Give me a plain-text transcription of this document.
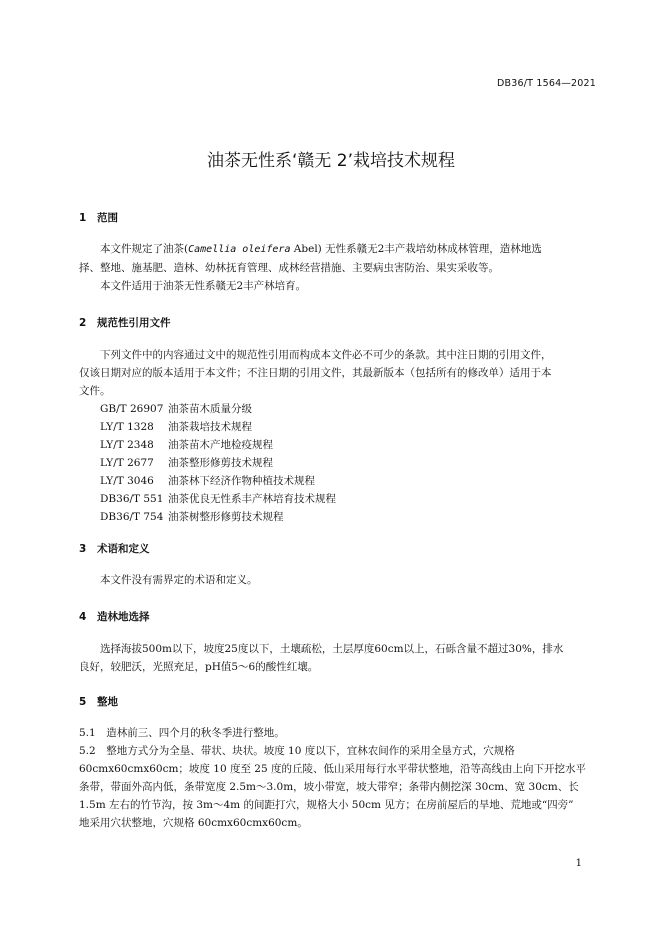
DB36/T 1564—2021
油茶无性系‘赣无 2’栽培技术规程
1 范围
本文件规定了油茶(Camellia oleifera Abel) 无性系赣无2丰产栽培幼林成林管理，造林地选
择、整地、施基肥、造林、幼林抚育管理、成林经营措施、主要病虫害防治、果实采收等。
本文件适用于油茶无性系赣无2丰产林培育。
2 规范性引用文件
下列文件中的内容通过文中的规范性引用而构成本文件必不可少的条款。其中注日期的引用文件，
仅该日期对应的版本适用于本文件；不注日期的引用文件，其最新版本（包括所有的修改单）适用于本
文件。
GB/T 26907 油茶苗木质量分级
LY/T 1328 油茶栽培技术规程
LY/T 2348 油茶苗木产地检疫规程
LY/T 2677 油茶整形修剪技术规程
LY/T 3046 油茶林下经济作物种植技术规程
DB36/T 551 油茶优良无性系丰产林培育技术规程
DB36/T 754 油茶树整形修剪技术规程
3 术语和定义
本文件没有需界定的术语和定义。
4 造林地选择
选择海拔500m以下，坡度25度以下，土壤疏松，土层厚度60cm以上，石砾含量不超过30%，排水
良好，较肥沃，光照充足，pH值5～6的酸性红壤。
5 整地
5.1　造林前三、四个月的秋冬季进行整地。
5.2　整地方式分为全垦、带状、块状。坡度 10 度以下，宜林农间作的采用全垦方式，穴规格
60cmx60cmx60cm；坡度 10 度至 25 度的丘陵、低山采用每行水平带状整地，沿等高线由上向下开挖水平
条带，带面外高内低，条带宽度 2.5m～3.0m，坡小带宽，坡大带窄；条带内侧挖深 30cm、宽 30cm、长
1.5m 左右的竹节沟，按 3m～4m 的间距打穴，规格大小 50cm 见方；在房前屋后的旱地、荒地或“四旁”
地采用穴状整地，穴规格 60cmx60cmx60cm。
1
